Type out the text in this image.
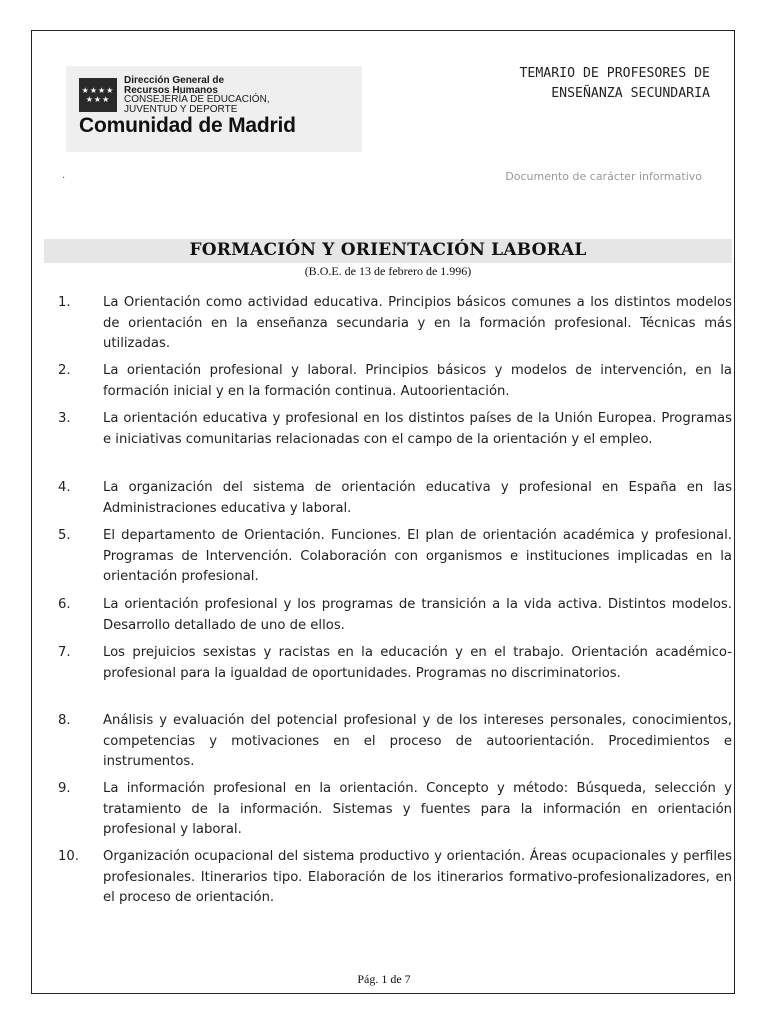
★★★★
★★★
Dirección General de
Recursos Humanos
CONSEJERÍA DE EDUCACIÓN,
JUVENTUD Y DEPORTE
Comunidad de Madrid
TEMARIO DE PROFESORES DE
ENSEÑANZA SECUNDARIA
.	Documento de carácter informativo
FORMACIÓN Y ORIENTACIÓN LABORAL
(B.O.E. de 13 de febrero de 1.996)
1.	La Orientación como actividad educativa. Principios básicos comunes a los distintos modelos de orientación en la enseñanza secundaria y en la formación profesional. Técnicas más utilizadas.
2.	La orientación profesional y laboral. Principios básicos y modelos de intervención, en la formación inicial y en la formación continua. Autoorientación.
3.	La orientación educativa y profesional en los distintos países de la Unión Europea. Programas e iniciativas comunitarias relacionadas con el campo de la orientación y el empleo.
4.	La organización del sistema de orientación educativa y profesional en España en las Administraciones educativa y laboral.
5.	El departamento de Orientación. Funciones. El plan de orientación académica y profesional. Programas de Intervención. Colaboración con organismos e instituciones implicadas en la orientación profesional.
6.	La orientación profesional y los programas de transición a la vida activa. Distintos modelos. Desarrollo detallado de uno de ellos.
7.	Los prejuicios sexistas y racistas en la educación y en el trabajo. Orientación académico-profesional para la igualdad de oportunidades. Programas no discriminatorios.
8.	Análisis y evaluación del potencial profesional y de los intereses personales, conocimientos, competencias y motivaciones en el proceso de autoorientación. Procedimientos e instrumentos.
9.	La información profesional en la orientación. Concepto y método: Búsqueda, selección y tratamiento de la información. Sistemas y fuentes para la información en orientación profesional y laboral.
10.	Organización ocupacional del sistema productivo y orientación. Áreas ocupacionales y perfiles profesionales. Itinerarios tipo. Elaboración de los itinerarios formativo-profesionalizadores, en el proceso de orientación.
Pág. 1 de 7
